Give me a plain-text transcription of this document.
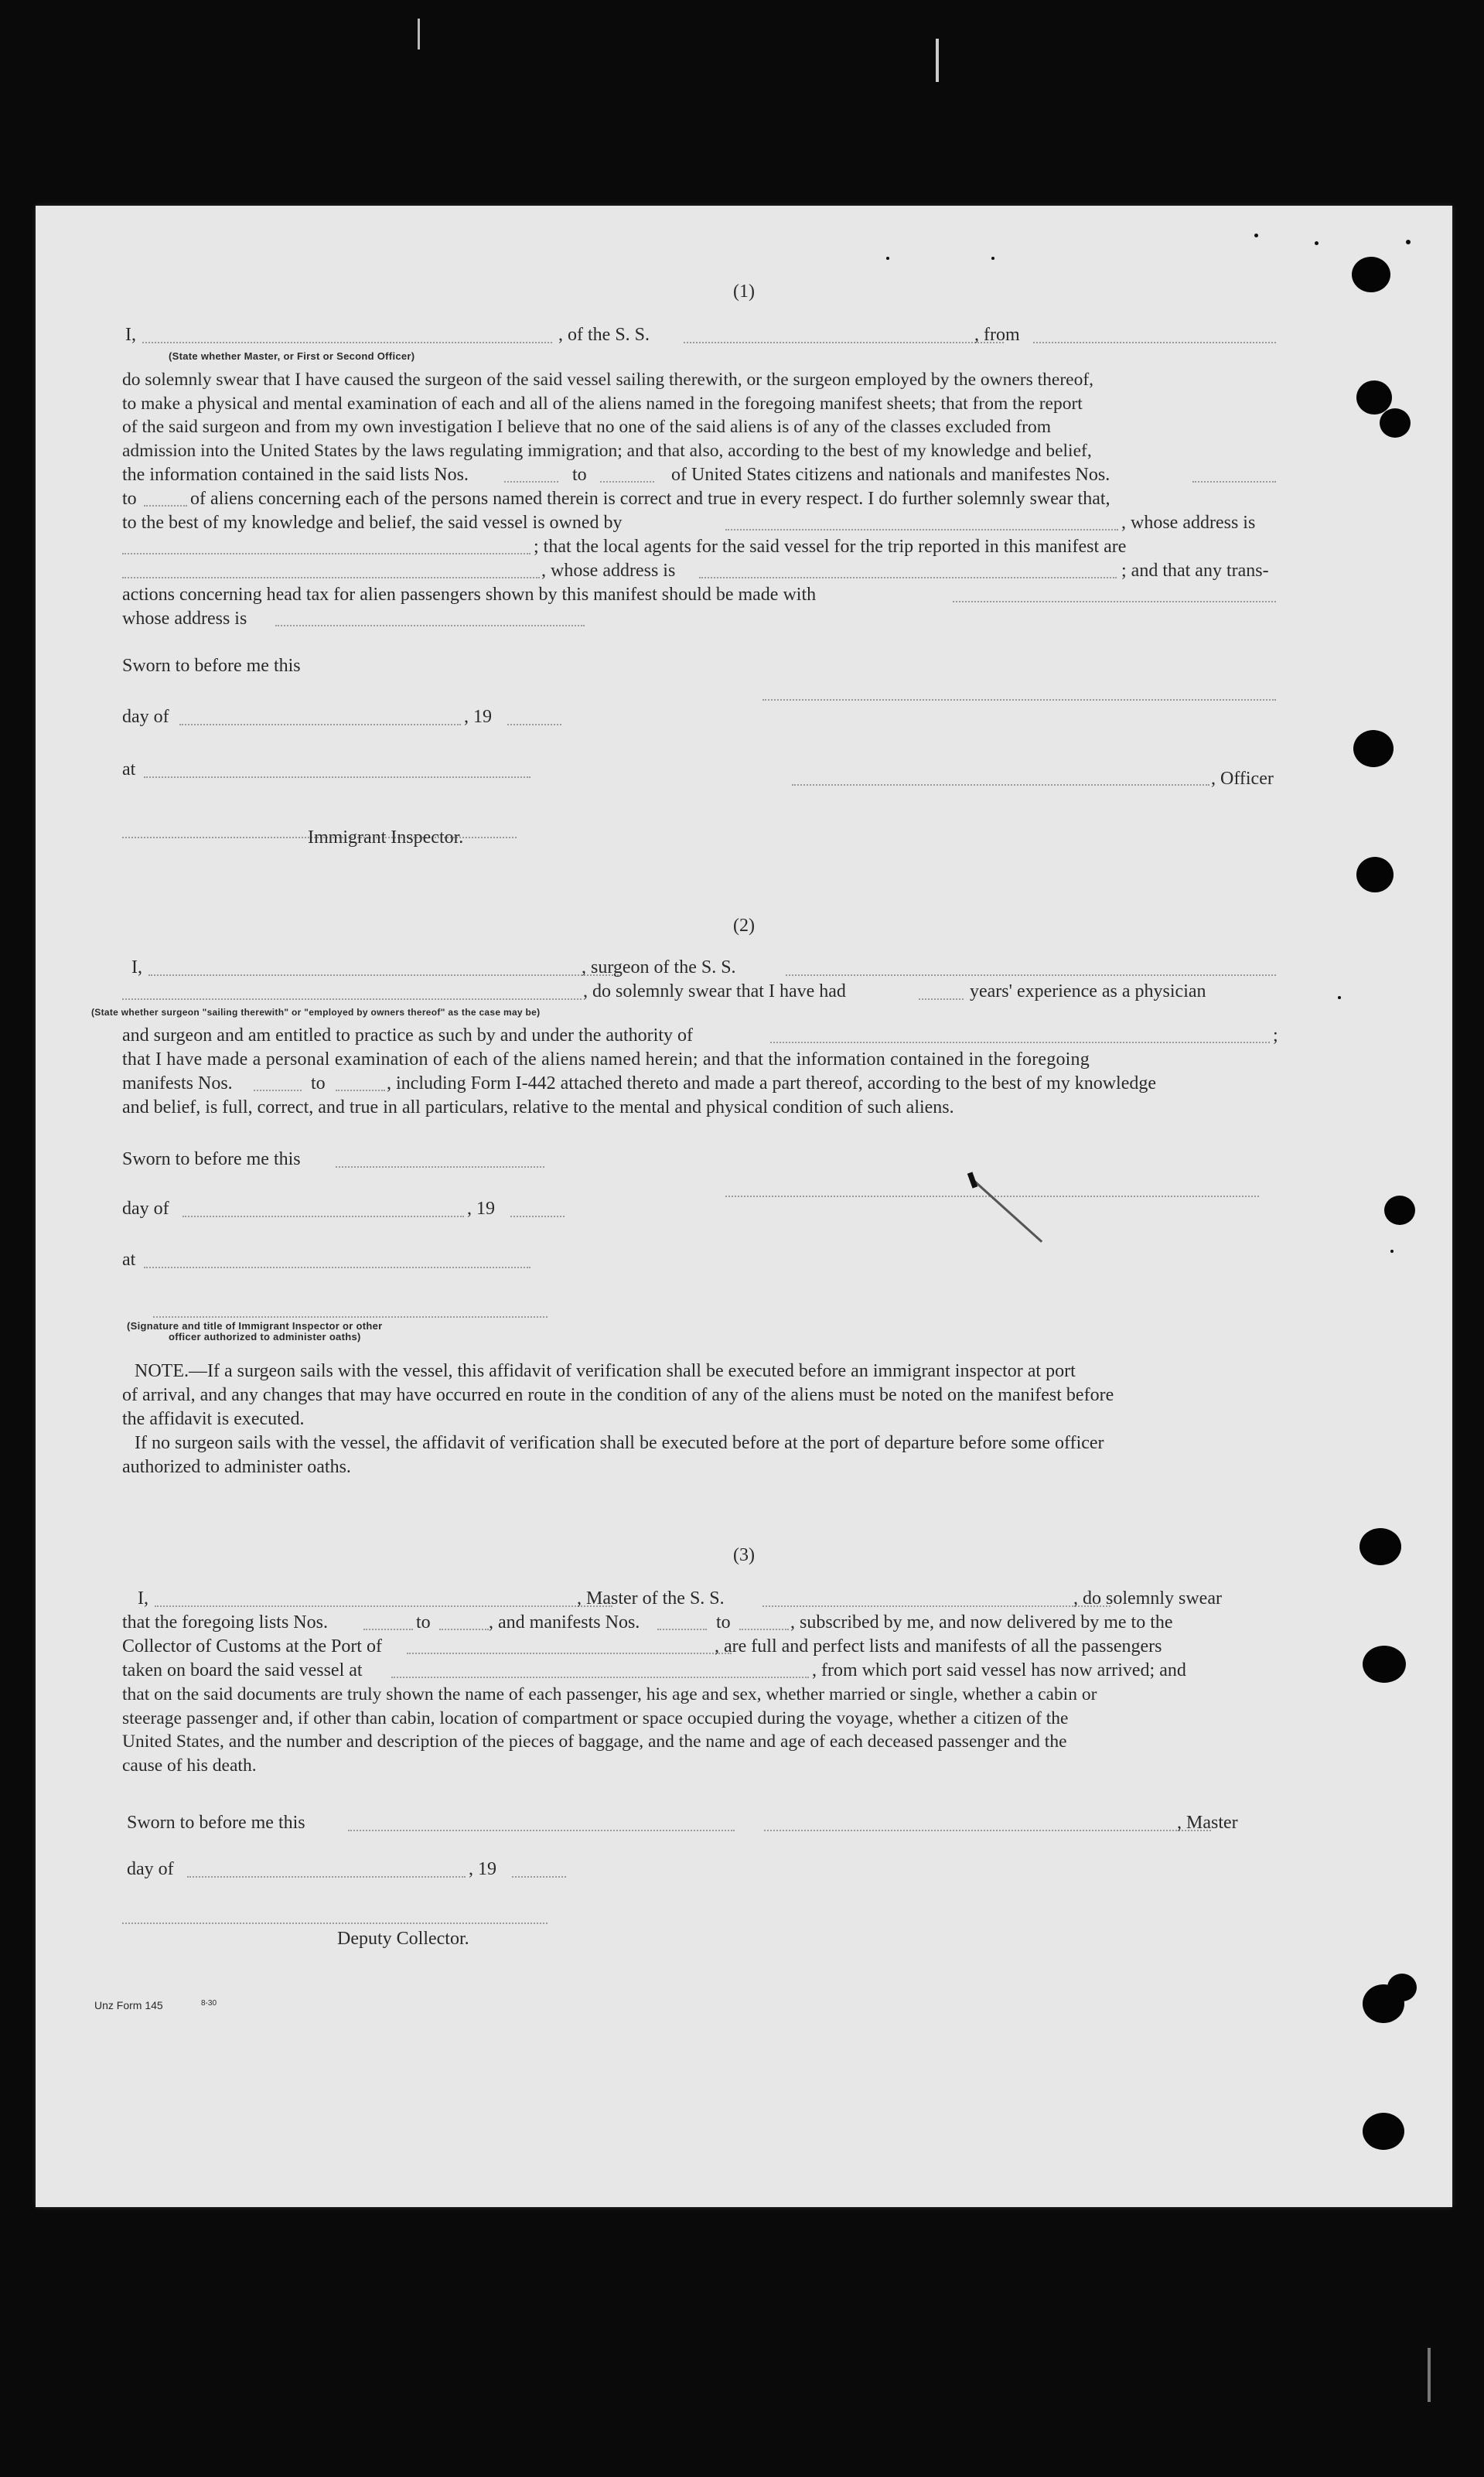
(1)
I,
(State whether Master, or First or Second Officer)
, of the S. S.	, from
do solemnly swear that I have caused the surgeon of the said vessel sailing therewith, or the surgeon employed by the owners thereof,
to make a physical and mental examination of each and all of the aliens named in the foregoing manifest sheets; that from the report
of the said surgeon and from my own investigation I believe that no one of the said aliens is of any of the classes excluded from
admission into the United States by the laws regulating immigration; and that also, according to the best of my knowledge and belief,
the information contained in the said lists Nos.	to	of United States citizens and nationals and manifestes Nos.
to	of aliens concerning each of the persons named therein is correct and true in every respect. I do further solemnly swear that,
to the best of my knowledge and belief, the said vessel is owned by	, whose address is
; that the local agents for the said vessel for the trip reported in this manifest are
, whose address is	; and that any trans-
actions concerning head tax for alien passengers shown by this manifest should be made with
whose address is
Sworn to before me this
day of	, 19
at	, Officer
Immigrant Inspector.
(2)
I,	, surgeon of the S. S.
, do solemnly swear that I have had	years' experience as a physician
(State whether surgeon "sailing therewith" or "employed by owners thereof" as the case may be)
and surgeon and am entitled to practice as such by and under the authority of	;
that I have made a personal examination of each of the aliens named herein; and that the information contained in the foregoing
manifests Nos.	to	, including Form I-442 attached thereto and made a part thereof, according to the best of my knowledge
and belief, is full, correct, and true in all particulars, relative to the mental and physical condition of such aliens.
Sworn to before me this
day of	, 19
at
(Signature and title of Immigrant Inspector or other
officer authorized to administer oaths)
NOTE.—If a surgeon sails with the vessel, this affidavit of verification shall be executed before an immigrant inspector at port
of arrival, and any changes that may have occurred en route in the condition of any of the aliens must be noted on the manifest before
the affidavit is executed.
If no surgeon sails with the vessel, the affidavit of verification shall be executed before at the port of departure before some officer
authorized to administer oaths.
(3)
I,	, Master of the S. S.	, do solemnly swear
that the foregoing lists Nos.	to	, and manifests Nos.	to	, subscribed by me, and now delivered by me to the
Collector of Customs at the Port of	, are full and perfect lists and manifests of all the passengers
taken on board the said vessel at	, from which port said vessel has now arrived; and
that on the said documents are truly shown the name of each passenger, his age and sex, whether married or single, whether a cabin or
steerage passenger and, if other than cabin, location of compartment or space occupied during the voyage, whether a citizen of the
United States, and the number and description of the pieces of baggage, and the name and age of each deceased passenger and the
cause of his death.
Sworn to before me this	, Master
day of	, 19
Deputy Collector.
Unz Form 145	8-30
